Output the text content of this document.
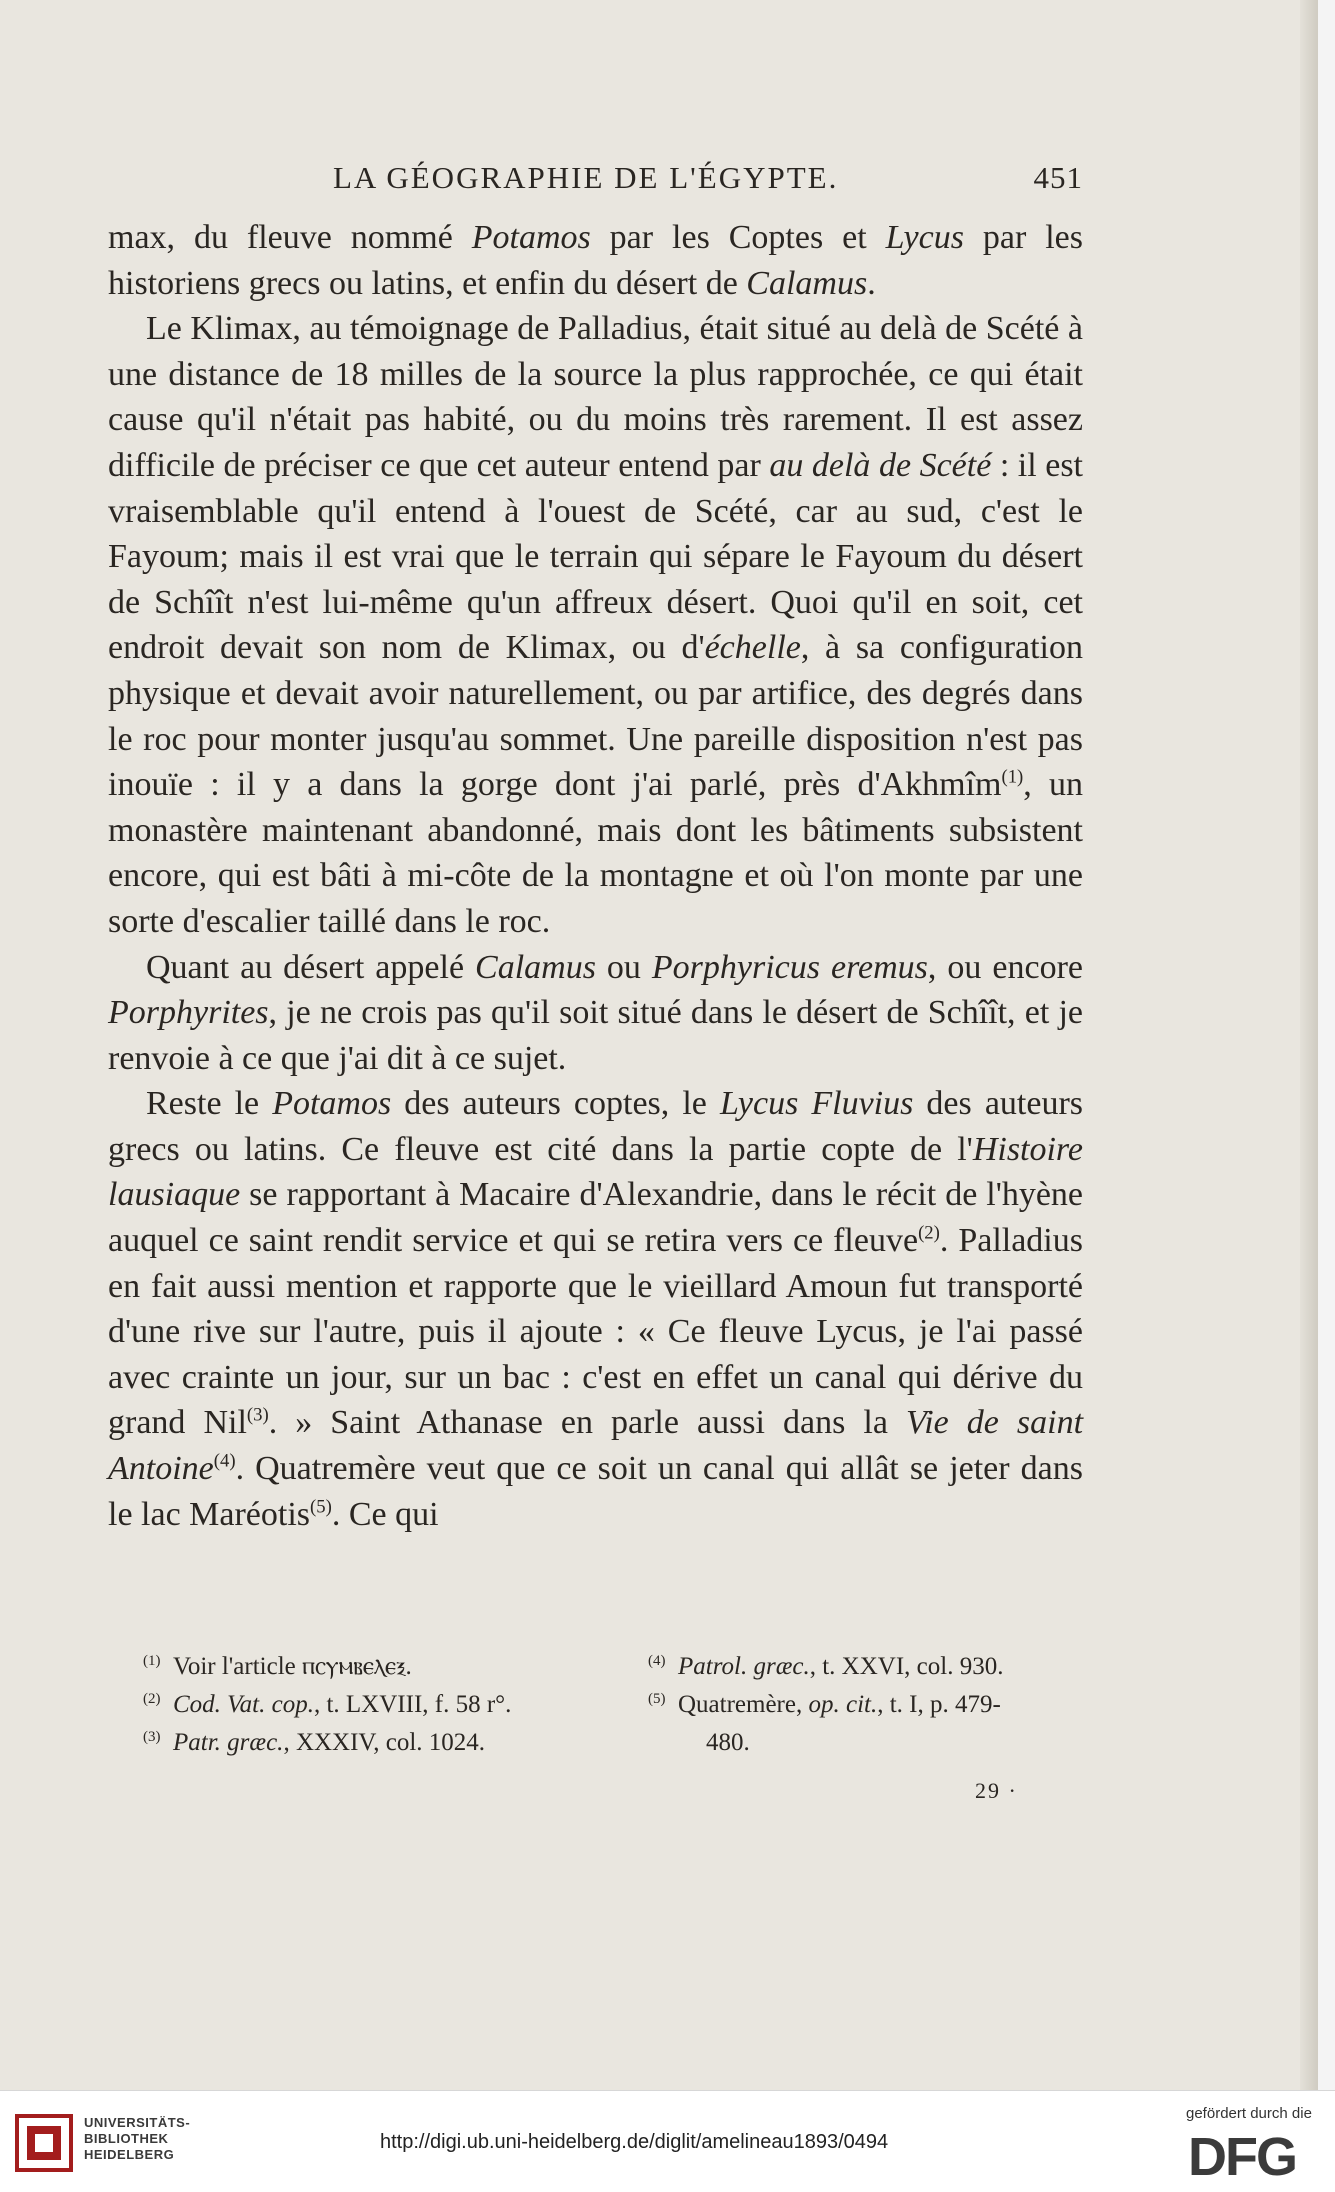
LA GÉOGRAPHIE DE L'ÉGYPTE.	451

max, du fleuve nommé Potamos par les Coptes et Lycus par les historiens grecs ou latins, et enfin du désert de Calamus.

Le Klimax, au témoignage de Palladius, était situé au delà de Scété à une distance de 18 milles de la source la plus rapprochée, ce qui était cause qu'il n'était pas habité, ou du moins très rarement. Il est assez difficile de préciser ce que cet auteur entend par au delà de Scété : il est vraisemblable qu'il entend à l'ouest de Scété, car au sud, c'est le Fayoum; mais il est vrai que le terrain qui sépare le Fayoum du désert de Schîît n'est lui-même qu'un affreux désert. Quoi qu'il en soit, cet endroit devait son nom de Klimax, ou d'échelle, à sa configuration physique et devait avoir naturellement, ou par artifice, des degrés dans le roc pour monter jusqu'au sommet. Une pareille disposition n'est pas inouïe : il y a dans la gorge dont j'ai parlé, près d'Akhmîm$^{(1)}$, un monastère maintenant abandonné, mais dont les bâtiments subsistent encore, qui est bâti à mi-côte de la montagne et où l'on monte par une sorte d'escalier taillé dans le roc.

Quant au désert appelé Calamus ou Porphyricus eremus, ou encore Porphyrites, je ne crois pas qu'il soit situé dans le désert de Schîît, et je renvoie à ce que j'ai dit à ce sujet.

Reste le Potamos des auteurs coptes, le Lycus Fluvius des auteurs grecs ou latins. Ce fleuve est cité dans la partie copte de l'Histoire lausiaque se rapportant à Macaire d'Alexandrie, dans le récit de l'hyène auquel ce saint rendit service et qui se retira vers ce fleuve$^{(2)}$. Palladius en fait aussi mention et rapporte que le vieillard Amoun fut transporté d'une rive sur l'autre, puis il ajoute : « Ce fleuve Lycus, je l'ai passé avec crainte un jour, sur un bac : c'est en effet un canal qui dérive du grand Nil$^{(3)}$. » Saint Athanase en parle aussi dans la Vie de saint Antoine$^{(4)}$. Quatremère veut que ce soit un canal qui allât se jeter dans le lac Maréotis$^{(5)}$. Ce qui

(1) Voir l'article ⲡⲥⲩⲙⲃⲉⲗⲉⲝ.
(2) Cod. Vat. cop., t. LXVIII, f. 58 r°.
(3) Patr. græc., XXXIV, col. 1024.
(4) Patrol. græc., t. XXVI, col. 930.
(5) Quatremère, op. cit., t. I, p. 479-
480.
29 ·
UNIVERSITÄTS-
BIBLIOTHEK
HEIDELBERG
http://digi.ub.uni-heidelberg.de/diglit/amelineau1893/0494
gefördert durch die
DFG
